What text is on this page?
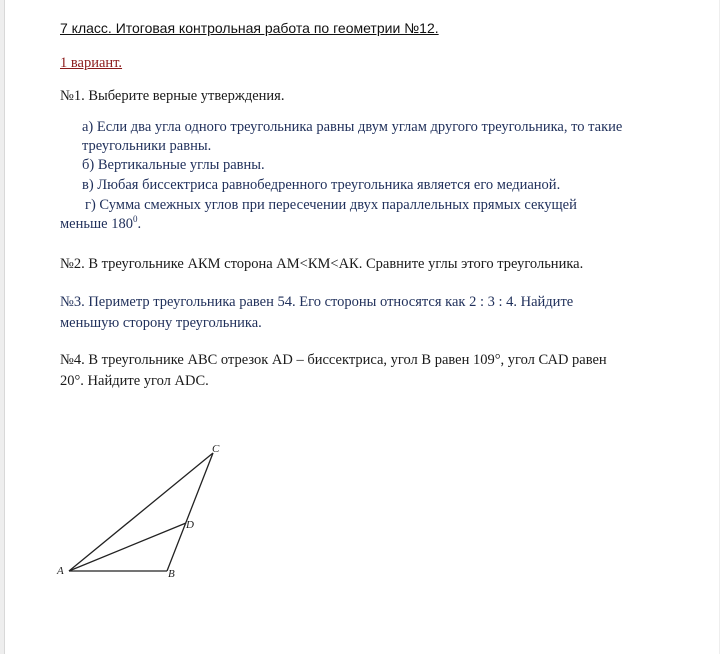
7 класс. Итоговая контрольная работа по геометрии №12.
1 вариант.
№1. Выберите верные утверждения.
а) Если два угла одного треугольника равны двум углам другого треугольника, то такие
треугольники равны.
б) Вертикальные углы равны.
в) Любая биссектриса равнобедренного треугольника является его медианой.
г) Сумма смежных углов при пересечении двух параллельных прямых секущей
меньше $180^0$.
№2. В треугольнике АКМ сторона АМ<КМ<АК. Сравните углы этого треугольника.
№3. Периметр треугольника равен 54. Его стороны относятся как 2 : 3 : 4. Найдите
меньшую сторону треугольника.
№4. В треугольнике АВС отрезок АD – биссектриса, угол В равен 109°, угол САD равен
20°. Найдите угол АDС.
A	B
C
D
